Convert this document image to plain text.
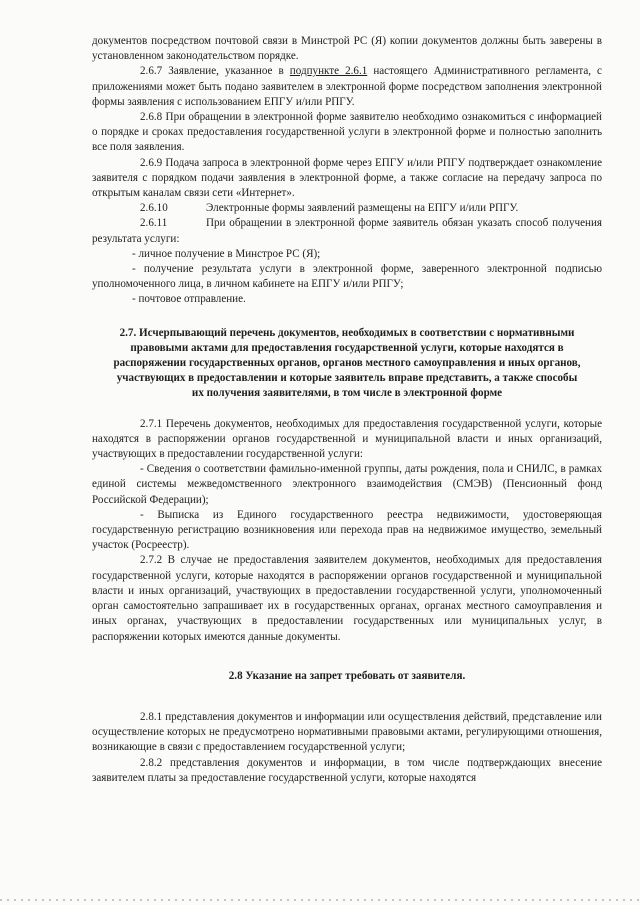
документов посредством почтовой связи в Минстрой РС (Я) копии документов должны быть заверены в установленном законодательством порядке.

2.6.7 Заявление, указанное в подпункте 2.6.1 настоящего Административного регламента, с приложениями может быть подано заявителем в электронной форме посредством заполнения электронной формы заявления с использованием ЕПГУ и/или РПГУ.

2.6.8 При обращении в электронной форме заявителю необходимо ознакомиться с информацией о порядке и сроках предоставления государственной услуги в электронной форме и полностью заполнить все поля заявления.

2.6.9 Подача запроса в электронной форме через ЕПГУ и/или РПГУ подтверждает ознакомление заявителя с порядком подачи заявления в электронной форме, а также согласие на передачу запроса по открытым каналам связи сети «Интернет».

2.6.10	Электронные формы заявлений размещены на ЕПГУ и/или РПГУ.

2.6.11	При обращении в электронной форме заявитель обязан указать способ получения результата услуги:

- личное получение в Минстрое РС (Я);

- получение результата услуги в электронной форме, заверенного электронной подписью уполномоченного лица, в личном кабинете на ЕПГУ и/или РПГУ;

- почтовое отправление.

2.7. Исчерпывающий перечень документов, необходимых в соответствии с нормативными правовыми актами для предоставления государственной услуги, которые находятся в распоряжении государственных органов, органов местного самоуправления и иных органов, участвующих в предоставлении и которые заявитель вправе представить, а также способы их получения заявителями, в том числе в электронной форме

2.7.1 Перечень документов, необходимых для предоставления государственной услуги, которые находятся в распоряжении органов государственной и муниципальной власти и иных организаций, участвующих в предоставлении государственной услуги:

- Сведения о соответствии фамильно-именной группы, даты рождения, пола и СНИЛС, в рамках единой системы межведомственного электронного взаимодействия (СМЭВ) (Пенсионный фонд Российской Федерации);

- Выписка из Единого государственного реестра недвижимости, удостоверяющая государственную регистрацию возникновения или перехода прав на недвижимое имущество, земельный участок (Росреестр).

2.7.2 В случае не предоставления заявителем документов, необходимых для предоставления государственной услуги, которые находятся в распоряжении органов государственной и муниципальной власти и иных организаций, участвующих в предоставлении государственной услуги, уполномоченный орган самостоятельно запрашивает их в государственных органах, органах местного самоуправления и иных органах, участвующих в предоставлении государственных или муниципальных услуг, в распоряжении которых имеются данные документы.

2.8 Указание на запрет требовать от заявителя.

2.8.1 представления документов и информации или осуществления действий, представление или осуществление которых не предусмотрено нормативными правовыми актами, регулирующими отношения, возникающие в связи с предоставлением государственной услуги;

2.8.2 представления документов и информации, в том числе подтверждающих внесение заявителем платы за предоставление государственной услуги, которые находятся
